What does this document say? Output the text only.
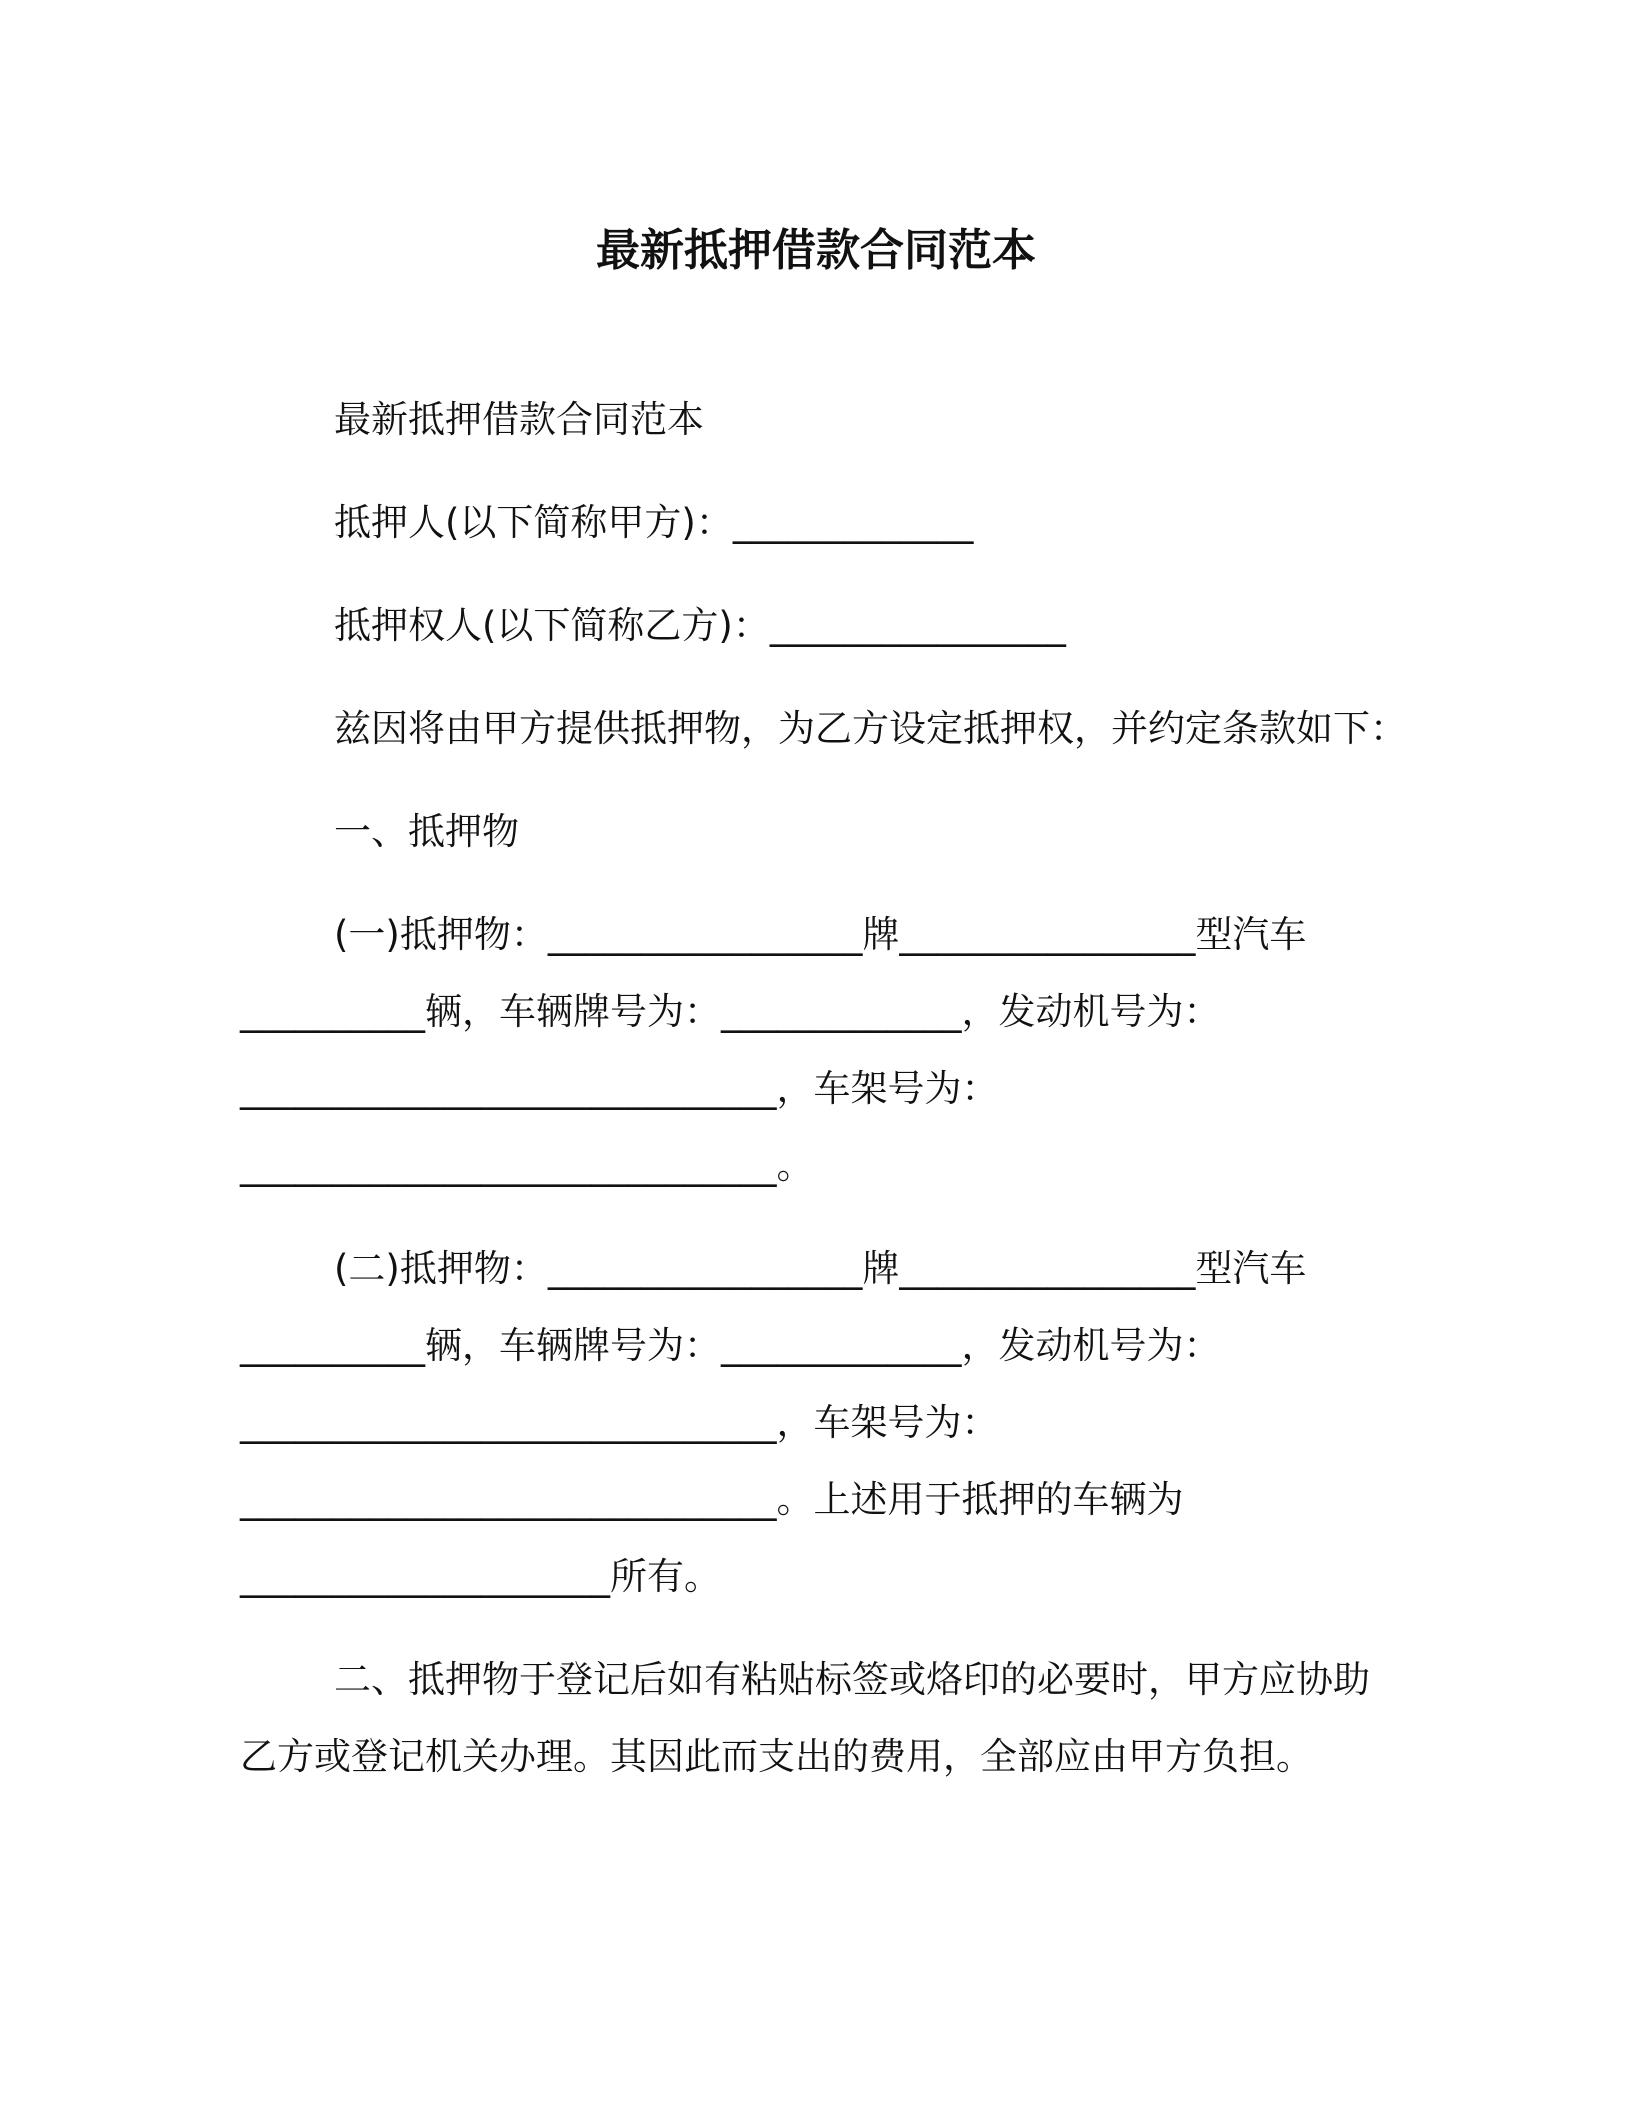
最新抵押借款合同范本
最新抵押借款合同范本
抵押人(以下简称甲方)：_____________
抵押权人(以下简称乙方)：________________
兹因将由甲方提供抵押物，为乙方设定抵押权，并约定条款如下：
一、抵押物
(一)抵押物：_________________牌________________型汽车
__________辆，车辆牌号为：_____________，发动机号为：
_____________________________，车架号为：
_____________________________。
(二)抵押物：_________________牌________________型汽车
__________辆，车辆牌号为：_____________，发动机号为：
_____________________________，车架号为：
_____________________________。上述用于抵押的车辆为
____________________所有。
二、抵押物于登记后如有粘贴标签或烙印的必要时，甲方应协助
乙方或登记机关办理。其因此而支出的费用，全部应由甲方负担。
